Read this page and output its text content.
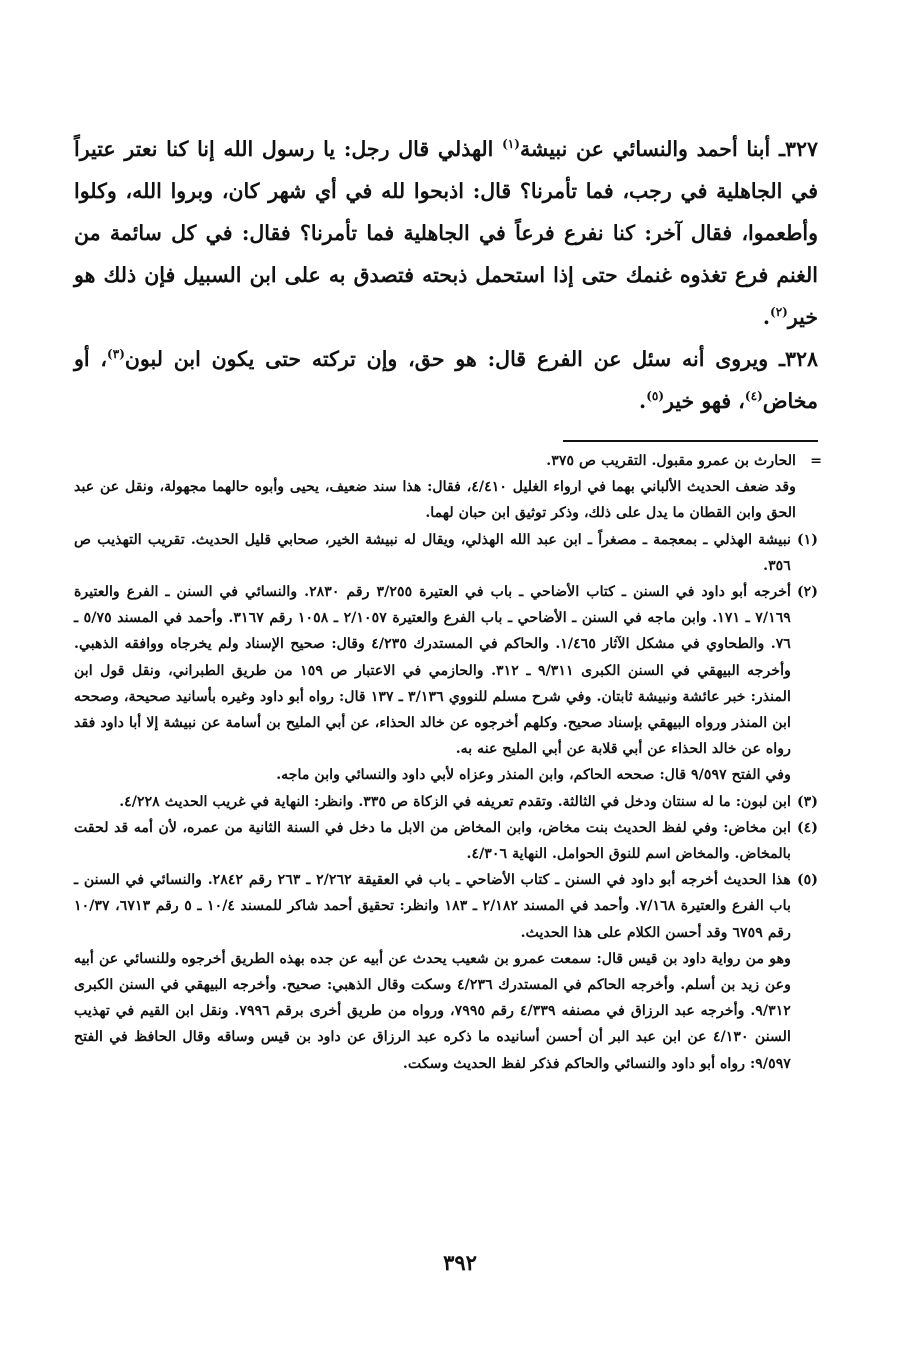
٣٢٧ـ أبنا أحمد والنسائي عن نبيشة$^{(١)}$ الهذلي قال رجل: يا رسول الله إنا كنا نعتر عتيراً في الجاهلية في رجب، فما تأمرنا؟ قال: اذبحوا لله في أي شهر كان، وبروا الله، وكلوا وأطعموا، فقال آخر: كنا نفرع فرعاً في الجاهلية فما تأمرنا؟ فقال: في كل سائمة من الغنم فرع تغذوه غنمك حتى إذا استحمل ذبحته فتصدق به على ابن السبيل فإن ذلك هو خير$^{(٢)}$.

٣٢٨ـ ويروى أنه سئل عن الفرع قال: هو حق، وإن تركته حتى يكون ابن لبون$^{(٣)}$، أو مخاض$^{(٤)}$، فهو خير$^{(٥)}$.

=

الحارث بن عمرو مقبول. التقريب ص ٣٧٥.

وقد ضعف الحديث الألباني بهما في ارواء الغليل ٤/٤١٠، فقال: هذا سند ضعيف، يحيى وأبوه حالهما مجهولة، ونقل عن عبد الحق وابن القطان ما يدل على ذلك، وذكر توثيق ابن حبان لهما.

(١)

نبيشة الهذلي ـ بمعجمة ـ مصغراً ـ ابن عبد الله الهذلي، ويقال له نبيشة الخير، صحابي قليل الحديث. تقريب التهذيب ص ٣٥٦.

(٢)

أخرجه أبو داود في السنن ـ كتاب الأضاحي ـ باب في العتيرة ٣/٢٥٥ رقم ٢٨٣٠. والنسائي في السنن ـ الفرع والعتيرة ٧/١٦٩ ـ ١٧١. وابن ماجه في السنن ـ الأضاحي ـ باب الفرع والعتيرة ٢/١٠٥٧ ـ ١٠٥٨ رقم ٣١٦٧. وأحمد في المسند ٥/٧٥ ـ ٧٦. والطحاوي في مشكل الآثار ١/٤٦٥. والحاكم في المستدرك ٤/٢٣٥ وقال: صحيح الإسناد ولم يخرجاه ووافقه الذهبي. وأخرجه البيهقي في السنن الكبرى ٩/٣١١ ـ ٣١٢. والحازمي في الاعتبار ص ١٥٩ من طريق الطبراني، ونقل قول ابن المنذر: خبر عائشة ونبيشة ثابتان. وفي شرح مسلم للنووي ٣/١٣٦ ـ ١٣٧ قال: رواه أبو داود وغيره بأسانيد صحيحة، وصححه ابن المنذر ورواه البيهقي بإسناد صحيح. وكلهم أخرجوه عن خالد الحذاء، عن أبي المليح بن أسامة عن نبيشة إلا أبا داود فقد رواه عن خالد الحذاء عن أبي قلابة عن أبي المليح عنه به.

وفي الفتح ٩/٥٩٧ قال: صححه الحاكم، وابن المنذر وعزاه لأبي داود والنسائي وابن ماجه.

(٣)

ابن لبون: ما له سنتان ودخل في الثالثة. وتقدم تعريفه في الزكاة ص ٣٣٥. وانظر: النهاية في غريب الحديث ٤/٢٢٨.

(٤)

ابن مخاض: وفي لفظ الحديث بنت مخاض، وابن المخاض من الابل ما دخل في السنة الثانية من عمره، لأن أمه قد لحقت بالمخاض. والمخاض اسم للنوق الحوامل. النهاية ٤/٣٠٦.

(٥)

هذا الحديث أخرجه أبو داود في السنن ـ كتاب الأضاحي ـ باب في العقيقة ٢/٢٦٢ ـ ٢٦٣ رقم ٢٨٤٢. والنسائي في السنن ـ باب الفرع والعتيرة ٧/١٦٨. وأحمد في المسند ٢/١٨٢ ـ ١٨٣ وانظر: تحقيق أحمد شاكر للمسند ١٠/٤ ـ ٥ رقم ٦٧١٣، ١٠/٣٧ رقم ٦٧٥٩ وقد أحسن الكلام على هذا الحديث.

وهو من رواية داود بن قيس قال: سمعت عمرو بن شعيب يحدث عن أبيه عن جده بهذه الطريق أخرجوه وللنسائي عن أبيه وعن زيد بن أسلم. وأخرجه الحاكم في المستدرك ٤/٢٣٦ وسكت وقال الذهبي: صحيح. وأخرجه البيهقي في السنن الكبرى ٩/٣١٢. وأخرجه عبد الرزاق في مصنفه ٤/٣٣٩ رقم ٧٩٩٥، ورواه من طريق أخرى برقم ٧٩٩٦. ونقل ابن القيم في تهذيب السنن ٤/١٣٠ عن ابن عبد البر أن أحسن أسانيده ما ذكره عبد الرزاق عن داود بن قيس وساقه وقال الحافظ في الفتح ٩/٥٩٧: رواه أبو داود والنسائي والحاكم فذكر لفظ الحديث وسكت.

٣٩٢
